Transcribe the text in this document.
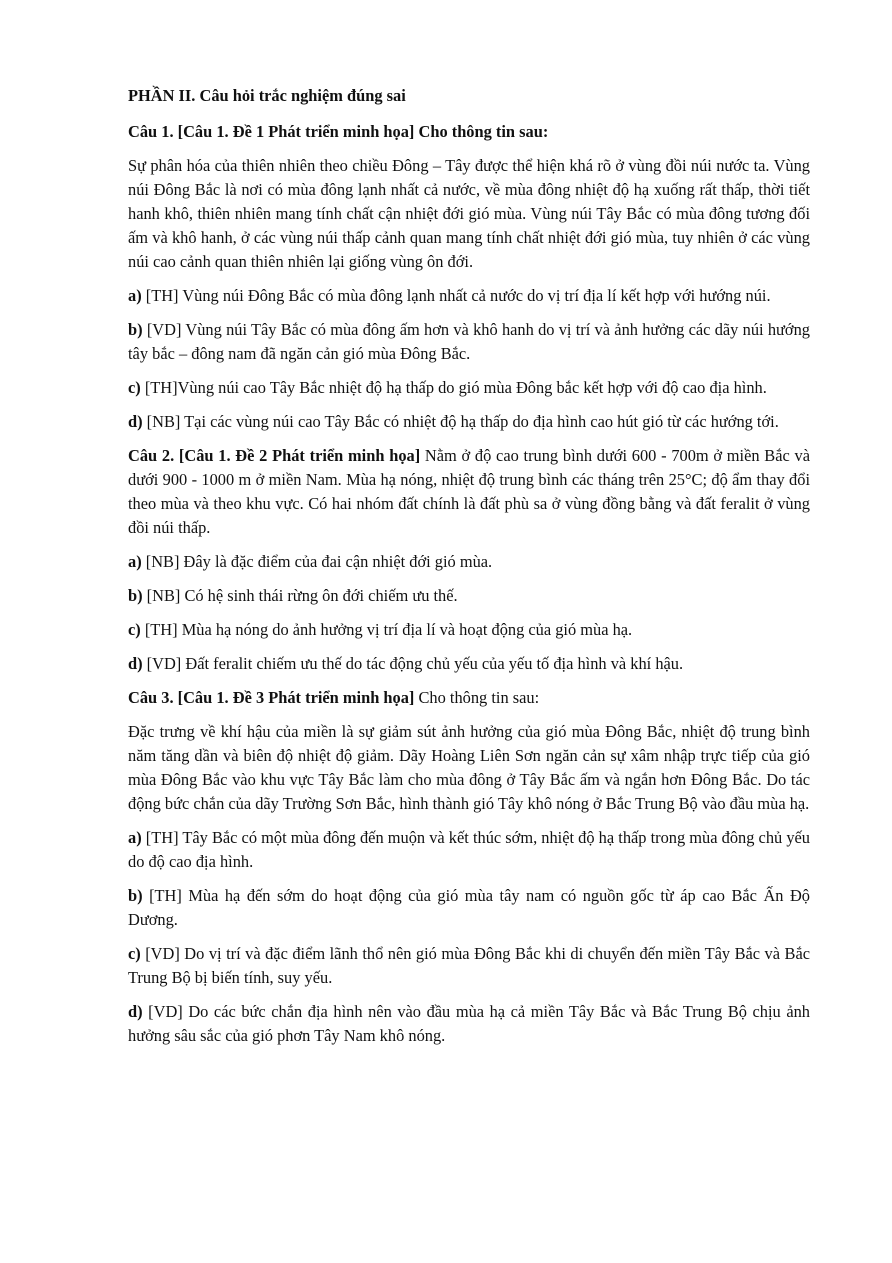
PHẦN II. Câu hỏi trắc nghiệm đúng sai

Câu 1. [Câu 1. Đề 1 Phát triển minh họa] Cho thông tin sau:

Sự phân hóa của thiên nhiên theo chiều Đông – Tây được thể hiện khá rõ ở vùng đồi núi nước ta. Vùng núi Đông Bắc là nơi có mùa đông lạnh nhất cả nước, về mùa đông nhiệt độ hạ xuống rất thấp, thời tiết hanh khô, thiên nhiên mang tính chất cận nhiệt đới gió mùa. Vùng núi Tây Bắc có mùa đông tương đối ấm và khô hanh, ở các vùng núi thấp cảnh quan mang tính chất nhiệt đới gió mùa, tuy nhiên ở các vùng núi cao cảnh quan thiên nhiên lại giống vùng ôn đới.

a) [TH] Vùng núi Đông Bắc có mùa đông lạnh nhất cả nước do vị trí địa lí kết hợp với hướng núi.

b) [VD] Vùng núi Tây Bắc có mùa đông ấm hơn và khô hanh do vị trí và ảnh hưởng các dãy núi hướng tây bắc – đông nam đã ngăn cản gió mùa Đông Bắc.

c) [TH]Vùng núi cao Tây Bắc nhiệt độ hạ thấp do gió mùa Đông bắc kết hợp với độ cao địa hình.

d) [NB] Tại các vùng núi cao Tây Bắc có nhiệt độ hạ thấp do địa hình cao hút gió từ các hướng tới.

Câu 2. [Câu 1. Đề 2 Phát triển minh họa] Nằm ở độ cao trung bình dưới 600 - 700m ở miền Bắc và dưới 900 - 1000 m ở miền Nam. Mùa hạ nóng, nhiệt độ trung bình các tháng trên 25°C; độ ẩm thay đổi theo mùa và theo khu vực. Có hai nhóm đất chính là đất phù sa ở vùng đồng bằng và đất feralit ở vùng đồi núi thấp.

a) [NB] Đây là đặc điểm của đai cận nhiệt đới gió mùa.

b) [NB] Có hệ sinh thái rừng ôn đới chiếm ưu thế.

c) [TH] Mùa hạ nóng do ảnh hưởng vị trí địa lí và hoạt động của gió mùa hạ.

d) [VD] Đất feralit chiếm ưu thế do tác động chủ yếu của yếu tố địa hình và khí hậu.

Câu 3. [Câu 1. Đề 3 Phát triển minh họa] Cho thông tin sau:

Đặc trưng về khí hậu của miền là sự giảm sút ảnh hưởng của gió mùa Đông Bắc, nhiệt độ trung bình năm tăng dần và biên độ nhiệt độ giảm. Dãy Hoàng Liên Sơn ngăn cản sự xâm nhập trực tiếp của gió mùa Đông Bắc vào khu vực Tây Bắc làm cho mùa đông ở Tây Bắc ấm và ngắn hơn Đông Bắc. Do tác động bức chắn của dãy Trường Sơn Bắc, hình thành gió Tây khô nóng ở Bắc Trung Bộ vào đầu mùa hạ.

a) [TH] Tây Bắc có một mùa đông đến muộn và kết thúc sớm, nhiệt độ hạ thấp trong mùa đông chủ yếu do độ cao địa hình.

b) [TH] Mùa hạ đến sớm do hoạt động của gió mùa tây nam có nguồn gốc từ áp cao Bắc Ấn Độ Dương.

c) [VD] Do vị trí và đặc điểm lãnh thổ nên gió mùa Đông Bắc khi di chuyển đến miền Tây Bắc và Bắc Trung Bộ bị biến tính, suy yếu.

d) [VD] Do các bức chắn địa hình nên vào đầu mùa hạ cả miền Tây Bắc và Bắc Trung Bộ chịu ảnh hưởng sâu sắc của gió phơn Tây Nam khô nóng.
